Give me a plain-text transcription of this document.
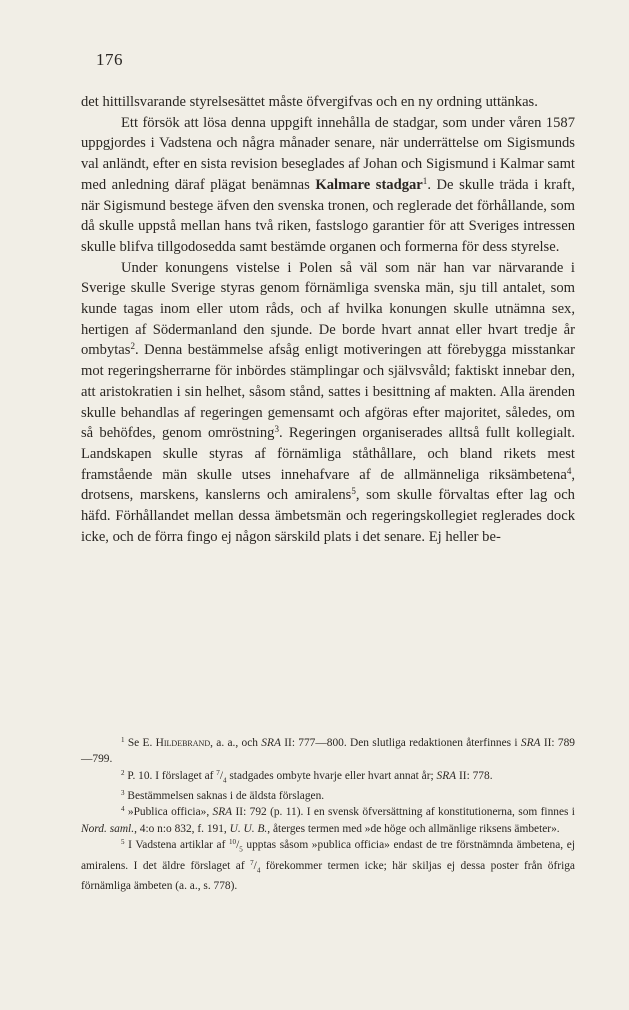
176

det hittillsvarande styrelsesättet måste öfvergifvas och en ny ordning uttänkas.

Ett försök att lösa denna uppgift innehålla de stadgar, som under våren 1587 uppgjordes i Vadstena och några månader senare, när underrättelse om Sigismunds val anländt, efter en sista revision beseglades af Johan och Sigismund i Kalmar samt med anledning däraf plägat benämnas Kalmare stadgar$^1$. De skulle träda i kraft, när Sigismund bestege äfven den svenska tronen, och reglerade det förhållande, som då skulle uppstå mellan hans två riken, fastslogo garantier för att Sveriges intressen skulle blifva tillgodosedda samt bestämde organen och formerna för dess styrelse.

Under konungens vistelse i Polen så väl som när han var närvarande i Sverige skulle Sverige styras genom förnämliga svenska män, sju till antalet, som kunde tagas inom eller utom råds, och af hvilka konungen skulle utnämna sex, hertigen af Södermanland den sjunde. De borde hvart annat eller hvart tredje år ombytas$^2$. Denna bestämmelse afsåg enligt motiveringen att förebygga misstankar mot regeringsherrarne för inbördes stämplingar och självsvåld; faktiskt innebar den, att aristokratien i sin helhet, såsom stånd, sattes i besittning af makten. Alla ärenden skulle behandlas af regeringen gemensamt och afgöras efter majoritet, således, om så behöfdes, genom omröstning$^3$. Regeringen organiserades alltså fullt kollegialt. Landskapen skulle styras af förnämliga ståthållare, och bland rikets mest framstående män skulle utses innehafvare af de allmänneliga riksämbetena$^4$, drotsens, marskens, kanslerns och amiralens$^5$, som skulle förvaltas efter lag och häfd. Förhållandet mellan dessa ämbetsmän och regeringskollegiet reglerades dock icke, och de förra fingo ej någon särskild plats i det senare. Ej heller be-

$^1$ Se E. Hildebrand, a. a., och SRA II: 777—800. Den slutliga redaktionen återfinnes i SRA II: 789—799.

$^2$ P. 10. I förslaget af $^7/_4$ stadgades ombyte hvarje eller hvart annat år; SRA II: 778.

$^3$ Bestämmelsen saknas i de äldsta förslagen.

$^4$ »Publica officia», SRA II: 792 (p. 11). I en svensk öfversättning af konstitutionerna, som finnes i Nord. saml., 4:o n:o 832, f. 191, U. U. B., återges termen med »de höge och allmänlige riksens ämbeter».

$^5$ I Vadstena artiklar af $^{10}/_5$ upptas såsom »publica officia» endast de tre förstnämnda ämbetena, ej amiralens. I det äldre förslaget af $^7/_4$ förekommer termen icke; här skiljas ej dessa poster från öfriga förnämliga ämbeten (a. a., s. 778).
